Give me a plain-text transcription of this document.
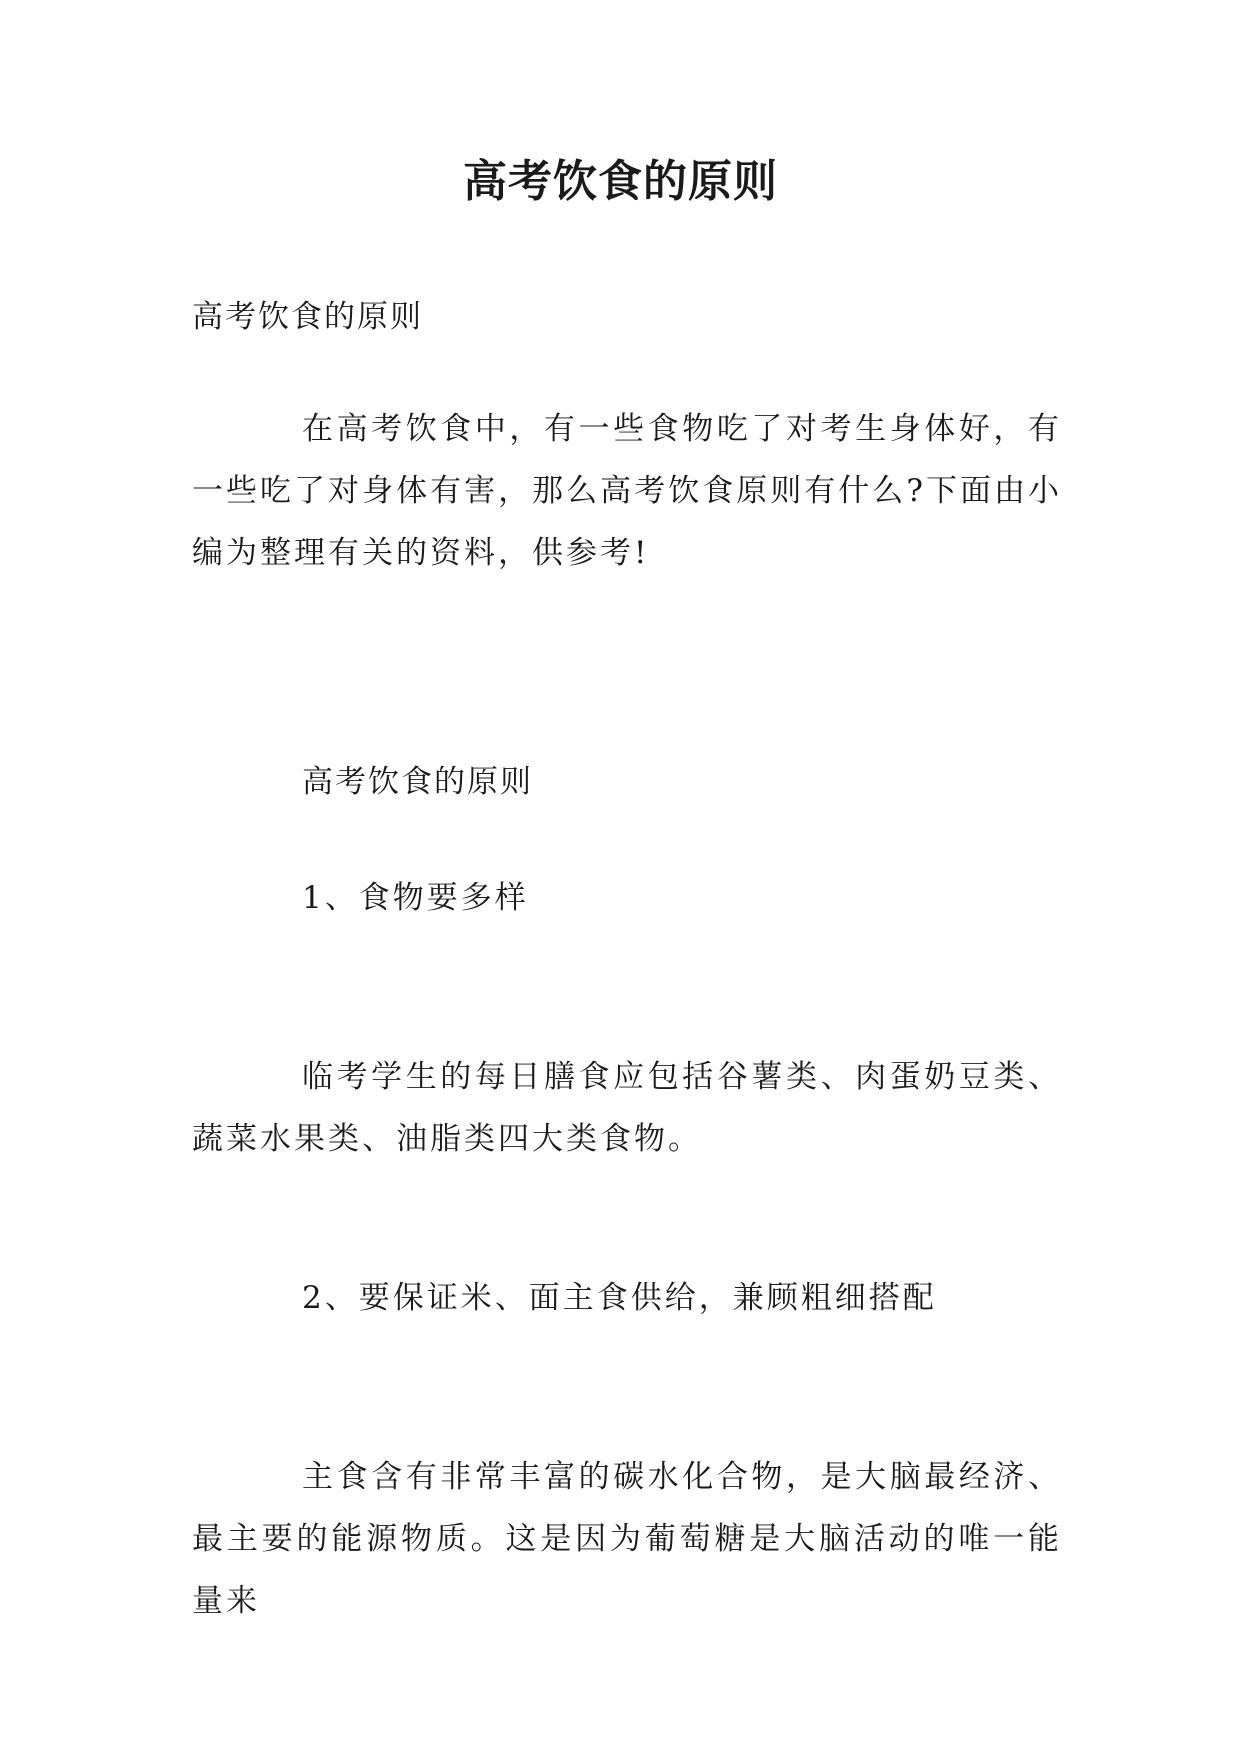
高考饮食的原则

高考饮食的原则

在高考饮食中，有一些食物吃了对考生身体好，有一些吃了对身体有害，那么高考饮食原则有什么?下面由小编为整理有关的资料，供参考!

高考饮食的原则

1、食物要多样

临考学生的每日膳食应包括谷薯类、肉蛋奶豆类、蔬菜水果类、油脂类四大类食物。

2、要保证米、面主食供给，兼顾粗细搭配

主食含有非常丰富的碳水化合物，是大脑最经济、最主要的能源物质。这是因为葡萄糖是大脑活动的唯一能量来
